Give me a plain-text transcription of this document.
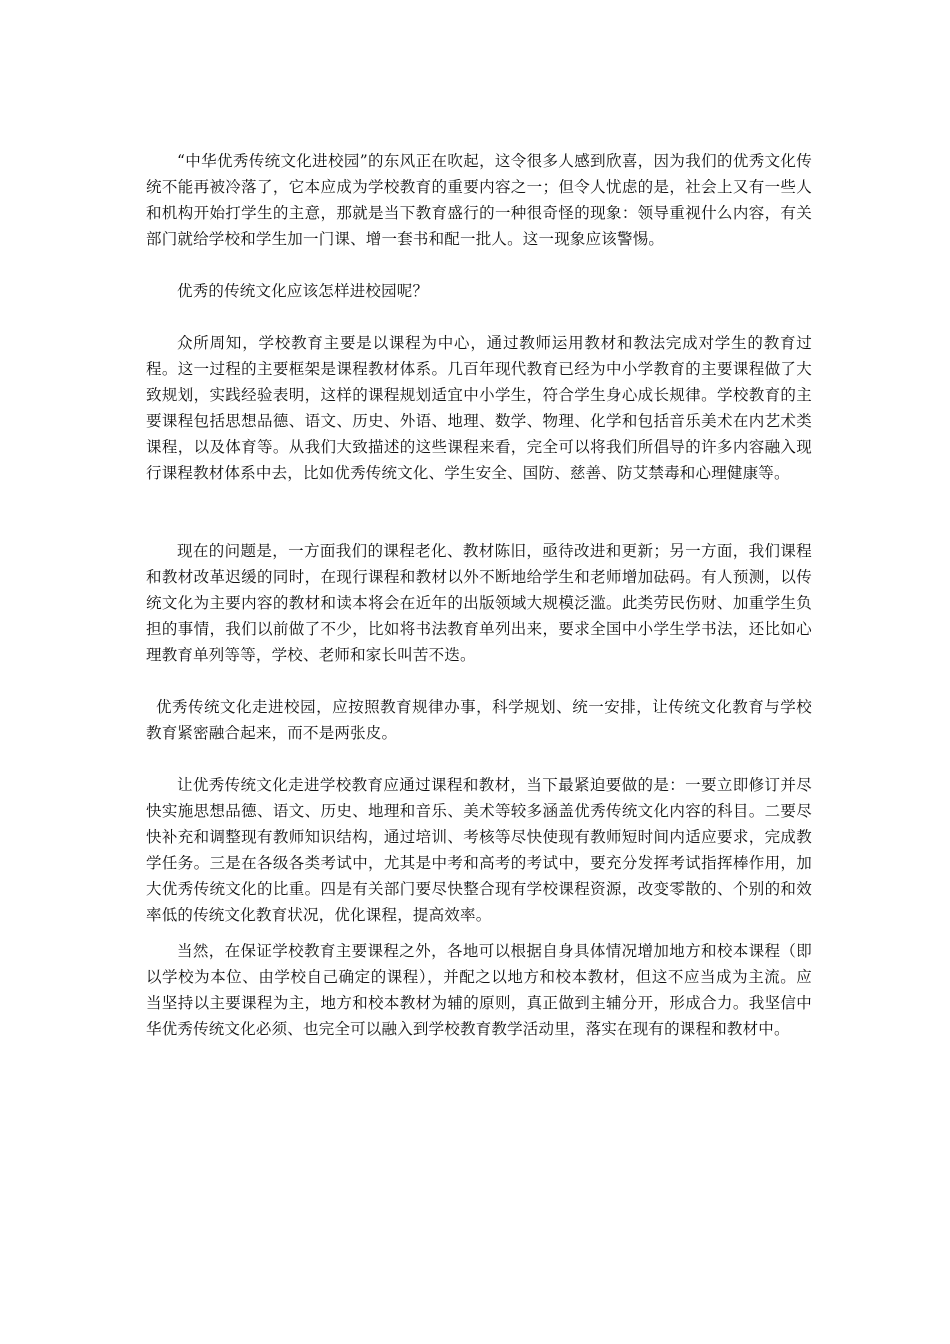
“中华优秀传统文化进校园”的东风正在吹起，这令很多人感到欣喜，因为我们的优秀文化传统不能再被冷落了，它本应成为学校教育的重要内容之一；但令人忧虑的是，社会上又有一些人和机构开始打学生的主意，那就是当下教育盛行的一种很奇怪的现象：领导重视什么内容，有关部门就给学校和学生加一门课、增一套书和配一批人。这一现象应该警惕。

优秀的传统文化应该怎样进校园呢？

众所周知，学校教育主要是以课程为中心，通过教师运用教材和教法完成对学生的教育过程。这一过程的主要框架是课程教材体系。几百年现代教育已经为中小学教育的主要课程做了大致规划，实践经验表明，这样的课程规划适宜中小学生，符合学生身心成长规律。学校教育的主要课程包括思想品德、语文、历史、外语、地理、数学、物理、化学和包括音乐美术在内艺术类课程，以及体育等。从我们大致描述的这些课程来看，完全可以将我们所倡导的许多内容融入现行课程教材体系中去，比如优秀传统文化、学生安全、国防、慈善、防艾禁毒和心理健康等。

现在的问题是，一方面我们的课程老化、教材陈旧，亟待改进和更新；另一方面，我们课程和教材改革迟缓的同时，在现行课程和教材以外不断地给学生和老师增加砝码。有人预测，以传统文化为主要内容的教材和读本将会在近年的出版领域大规模泛滥。此类劳民伤财、加重学生负担的事情，我们以前做了不少，比如将书法教育单列出来，要求全国中小学生学书法，还比如心理教育单列等等，学校、老师和家长叫苦不迭。

优秀传统文化走进校园，应按照教育规律办事，科学规划、统一安排，让传统文化教育与学校教育紧密融合起来，而不是两张皮。

让优秀传统文化走进学校教育应通过课程和教材，当下最紧迫要做的是：一要立即修订并尽快实施思想品德、语文、历史、地理和音乐、美术等较多涵盖优秀传统文化内容的科目。二要尽快补充和调整现有教师知识结构，通过培训、考核等尽快使现有教师短时间内适应要求，完成教学任务。三是在各级各类考试中，尤其是中考和高考的考试中，要充分发挥考试指挥棒作用，加大优秀传统文化的比重。四是有关部门要尽快整合现有学校课程资源，改变零散的、个别的和效率低的传统文化教育状况，优化课程，提高效率。

当然，在保证学校教育主要课程之外，各地可以根据自身具体情况增加地方和校本课程（即以学校为本位、由学校自己确定的课程），并配之以地方和校本教材，但这不应当成为主流。应当坚持以主要课程为主，地方和校本教材为辅的原则，真正做到主辅分开，形成合力。我坚信中华优秀传统文化必须、也完全可以融入到学校教育教学活动里，落实在现有的课程和教材中。
